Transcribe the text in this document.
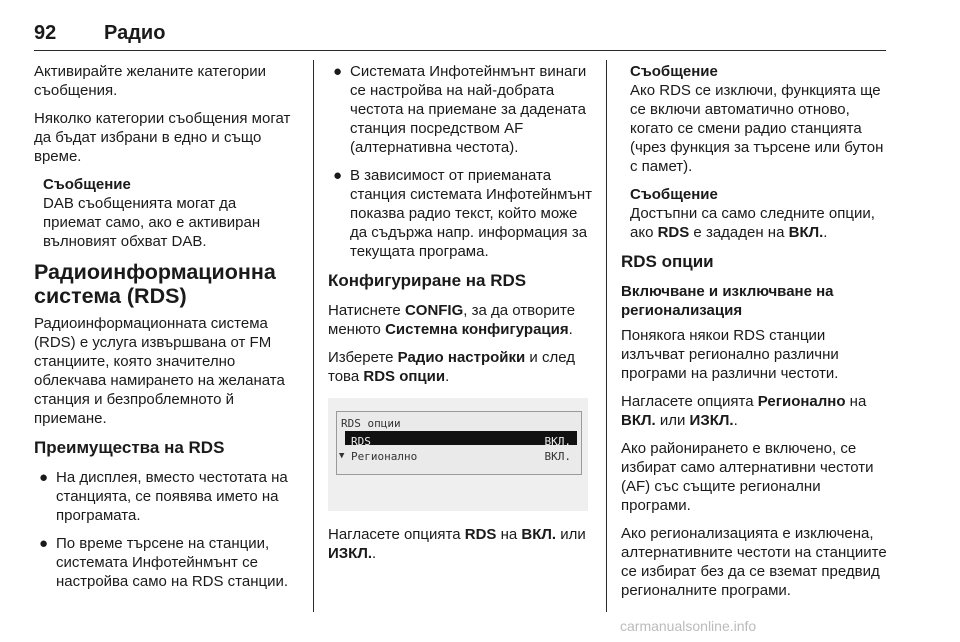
92 Радио

Активирайте желаните категории съобщения.

Няколко категории съобщения могат да бъдат избрани в едно и също време.

Съобщение

DAB съобщенията могат да приемат само, ако е активиран вълновият обхват DAB.

Радиоинформационна система (RDS)

Радиоинформационната система (RDS) е услуга извършвана от FM станциите, която значително облекчава намирането на желаната станция и безпроблемното й приемане.

Преимущества на RDS
● На дисплея, вместо честотата на станцията, се появява името на програмата.
● По време търсене на станции, системата Инфотейнмънт се настройва само на RDS станции.
● Системата Инфотейнмънт винаги се настройва на най-добрата честота на приемане за дадената станция посредством AF (алтернативна честота).
● В зависимост от приеманата станция системата Инфотейнмънт показва радио текст, който може да съдържа напр. информация за текущата програма.
Конфигуриране на RDS

Натиснете CONFIG, за да отворите менюто Системна конфигурация.

Изберете Радио настройки и след това RDS опции.

RDS опции
RDS	ВКЛ.
▼ Регионално	ВКЛ.

Нагласете опцията RDS на ВКЛ. или ИЗКЛ..

Съобщение

Ако RDS се изключи, функцията ще се включи автоматично отново, когато се смени радио станцията (чрез функция за търсене или бутон с памет).

Съобщение

Достъпни са само следните опции, ако RDS е зададен на ВКЛ..

RDS опции
Включване и изключване на регионализация

Понякога някои RDS станции излъчват регионално различни програми на различни честоти.

Нагласете опцията Регионално на ВКЛ. или ИЗКЛ..

Ако районирането е включено, се избират само алтернативни честоти (AF) със същите регионални програми.

Ако регионализацията е изключена, алтернативните честоти на станциите се избират без да се вземат предвид регионалните програми.

carmanualsonline.info
